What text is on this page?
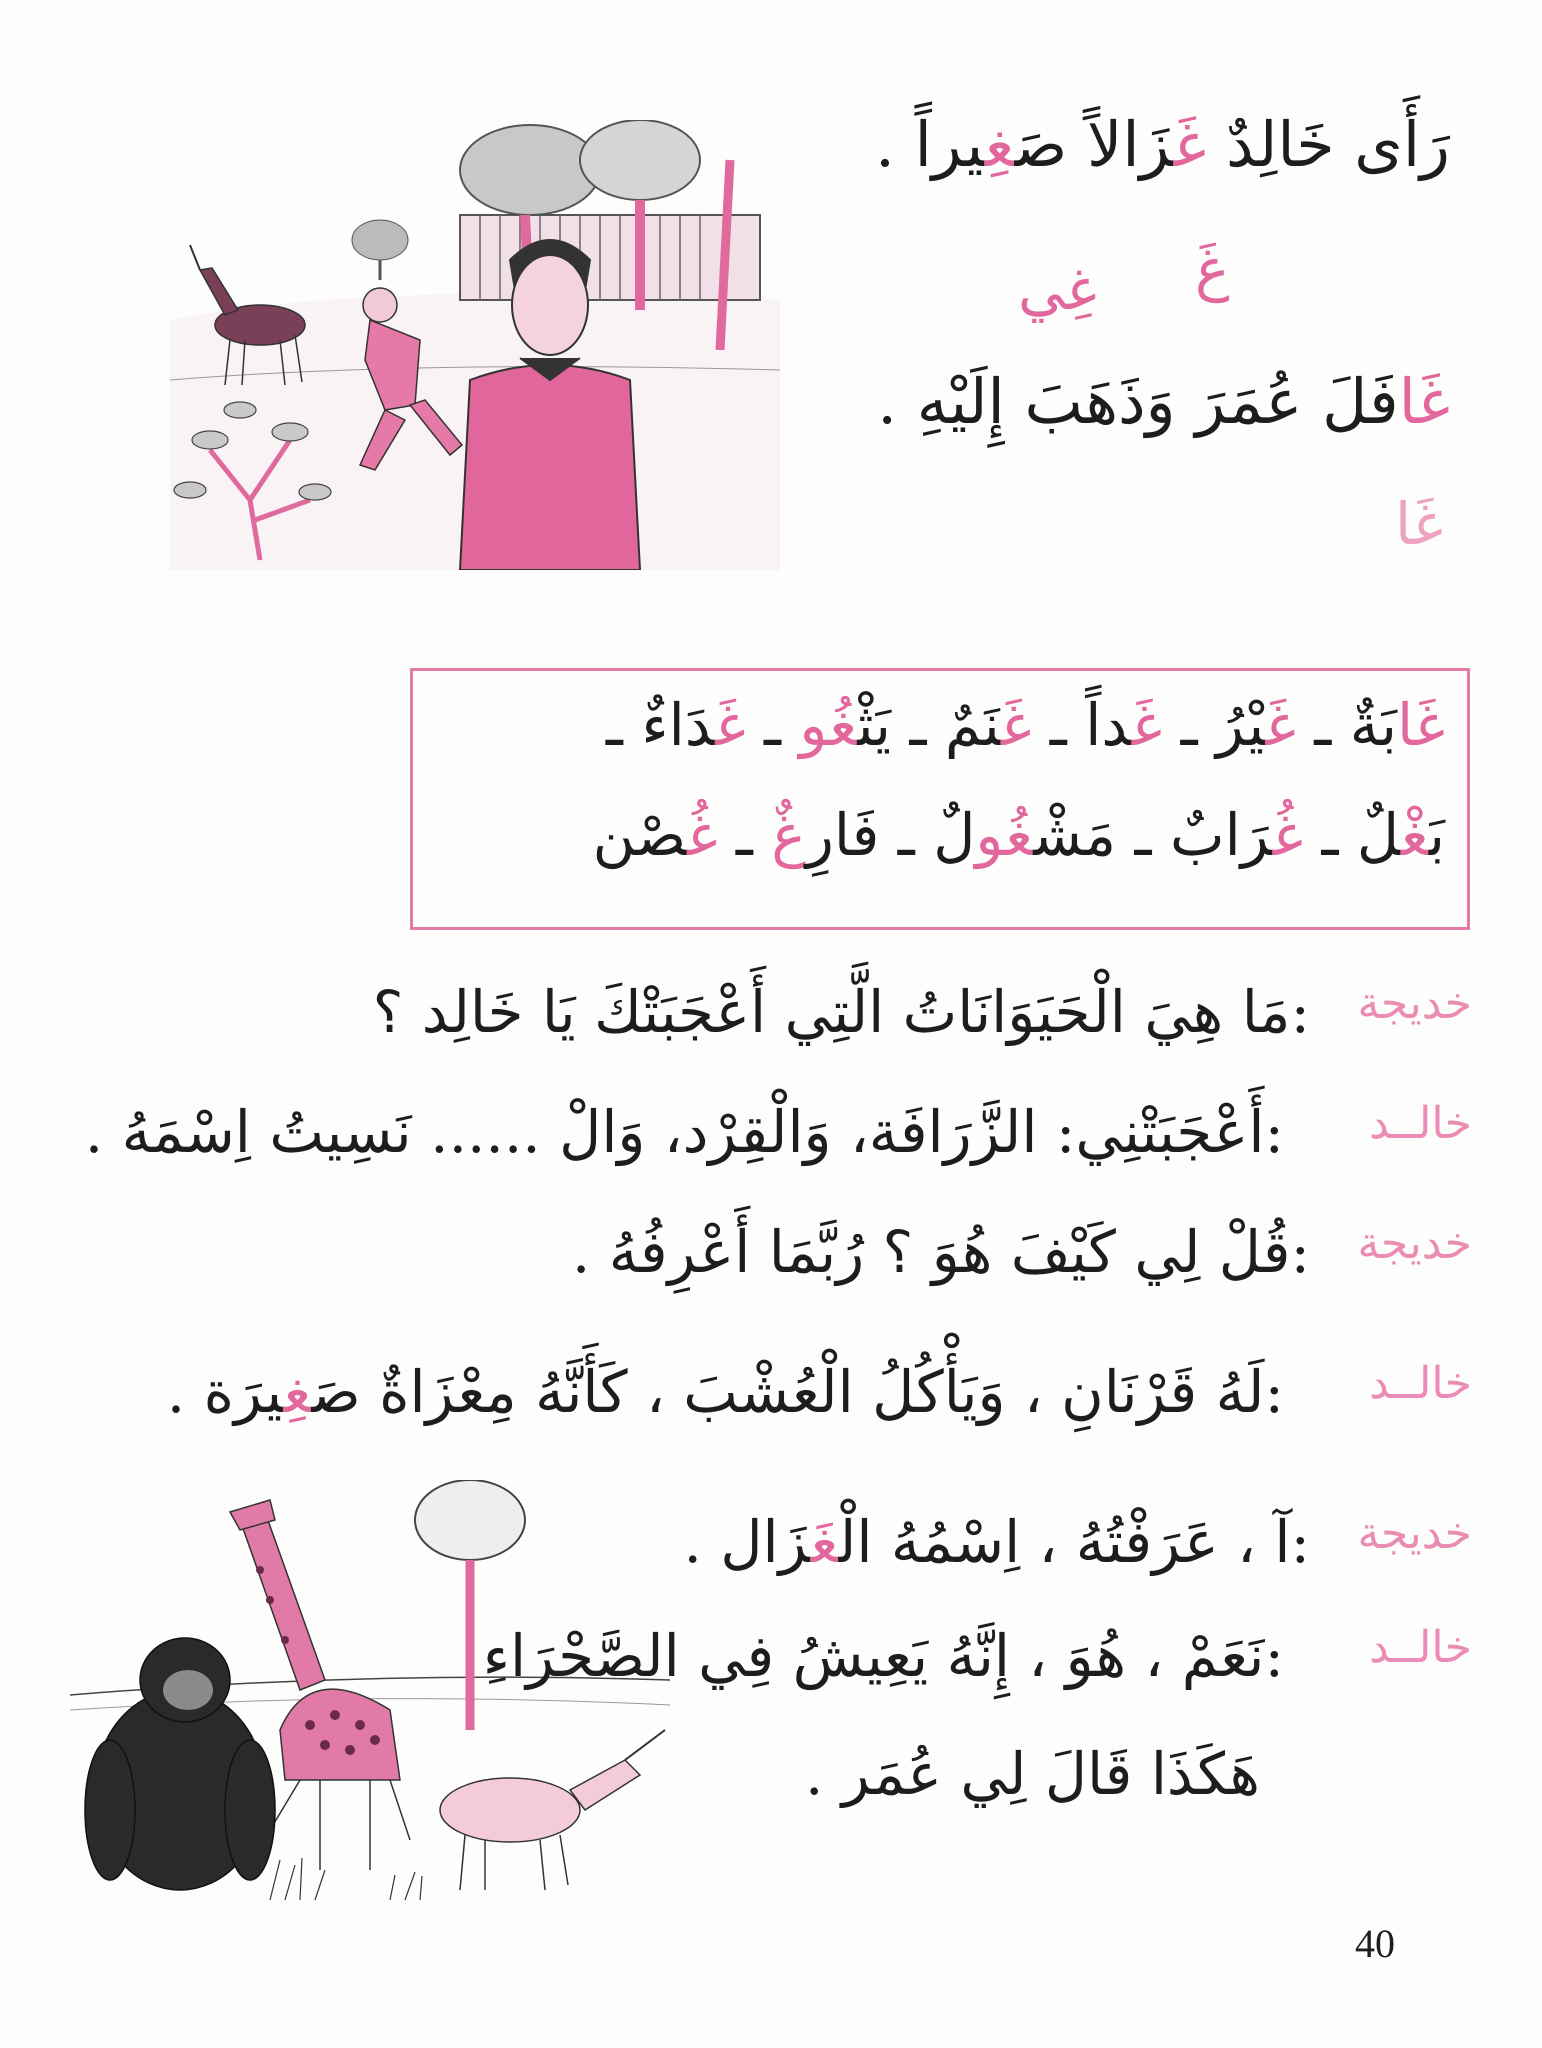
رَأَى خَالِدٌ غَزَالاً صَغِيراً .
غَ
غِي
غَافَلَ عُمَرَ وَذَهَبَ إِلَيْهِ .
غَا
غَابَةٌ ـ غَيْرُ ـ غَداً ـ غَنَمٌ ـ يَثْغُو ـ غَدَاءٌ ـ
بَغْلٌ ـ غُرَابٌ ـ مَشْغُولٌ ـ فَارِغٌ ـ غُصْن
خديجة
:مَا هِيَ الْحَيَوَانَاتُ الَّتِي أَعْجَبَتْكَ يَا خَالِد ؟
خالــد
:أَعْجَبَتْنِي: الزَّرَافَة، وَالْقِرْد، وَالْ ...... نَسِيتُ اِسْمَهُ .
خديجة
:قُلْ لِي كَيْفَ هُوَ ؟ رُبَّمَا أَعْرِفُهُ .
خالــد
:لَهُ قَرْنَانِ ، وَيَأْكُلُ الْعُشْبَ ، كَأَنَّهُ مِعْزَاةٌ صَغِيرَة .
خديجة
:آ ، عَرَفْتُهُ ، اِسْمُهُ الْغَزَال .
خالــد
:نَعَمْ ، هُوَ ، إِنَّهُ يَعِيشُ فِي الصَّحْرَاءِ
هَكَذَا قَالَ لِي عُمَر .
40
